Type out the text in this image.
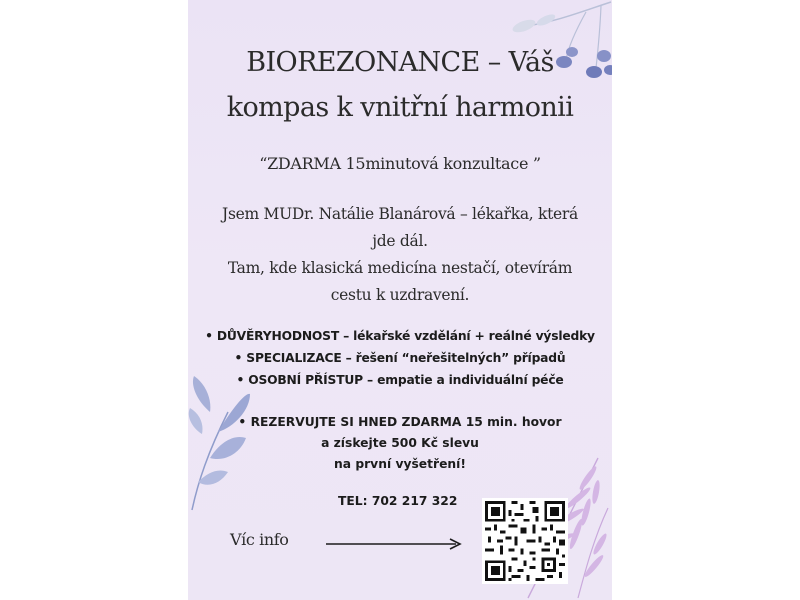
BIOREZONANCE – Váš
kompas k vnitřní harmonii
“ZDARMA 15minutová konzultace ”
Jsem MUDr. Natálie Blanárová – lékařka, která
jde dál.
Tam, kde klasická medicína nestačí, otevírám
cestu k uzdravení.
• DŮVĚRYHODNOST – lékařské vzdělání + reálné výsledky
• SPECIALIZACE – řešení “neřešitelných” případů
• OSOBNÍ PŘÍSTUP – empatie a individuální péče
• REZERVUJTE SI HNED ZDARMA 15 min. hovor
a získejte 500 Kč slevu
na první vyšetření!
TEL: 702 217 322
Víc info
